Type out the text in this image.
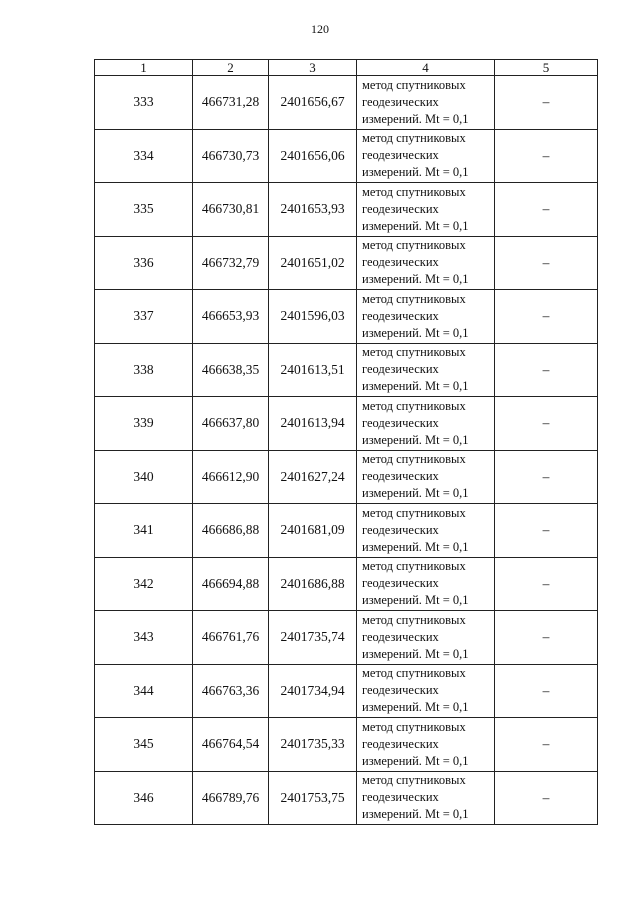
120
1	2	3	4	5
333	466731,28	2401656,67	метод спутниковых
геодезических
измерений. Mt = 0,1	–
334	466730,73	2401656,06	метод спутниковых
геодезических
измерений. Mt = 0,1	–
335	466730,81	2401653,93	метод спутниковых
геодезических
измерений. Mt = 0,1	–
336	466732,79	2401651,02	метод спутниковых
геодезических
измерений. Mt = 0,1	–
337	466653,93	2401596,03	метод спутниковых
геодезических
измерений. Mt = 0,1	–
338	466638,35	2401613,51	метод спутниковых
геодезических
измерений. Mt = 0,1	–
339	466637,80	2401613,94	метод спутниковых
геодезических
измерений. Mt = 0,1	–
340	466612,90	2401627,24	метод спутниковых
геодезических
измерений. Mt = 0,1	–
341	466686,88	2401681,09	метод спутниковых
геодезических
измерений. Mt = 0,1	–
342	466694,88	2401686,88	метод спутниковых
геодезических
измерений. Mt = 0,1	–
343	466761,76	2401735,74	метод спутниковых
геодезических
измерений. Mt = 0,1	–
344	466763,36	2401734,94	метод спутниковых
геодезических
измерений. Mt = 0,1	–
345	466764,54	2401735,33	метод спутниковых
геодезических
измерений. Mt = 0,1	–
346	466789,76	2401753,75	метод спутниковых
геодезических
измерений. Mt = 0,1	–
